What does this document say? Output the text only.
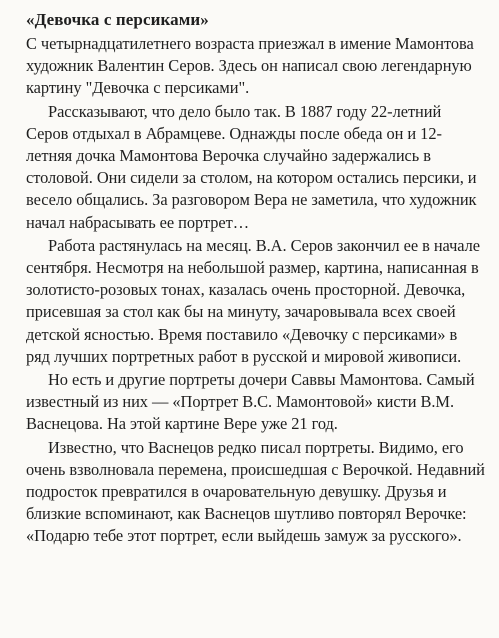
«Девочка с персиками»

С четырнадцатилетнего возраста приезжал в имение Мамонтова художник Валентин Серов. Здесь он написал свою легендарную картину "Девочка с персиками".

Рассказывают, что дело было так. В 1887 году 22-летний Серов отдыхал в Абрамцеве. Однажды после обеда он и 12-летняя дочка Мамонтова Верочка случайно задержались в столовой. Они сидели за столом, на котором остались персики, и весело общались. За разговором Вера не заметила, что художник начал набрасывать ее портрет…

Работа растянулась на месяц. В.А. Серов закончил ее в начале сентября. Несмотря на небольшой размер, картина, написанная в золотисто-розовых тонах, казалась очень просторной. Девочка, присевшая за стол как бы на минуту, зачаровывала всех своей детской ясностью. Время поставило «Девочку с персиками» в ряд лучших портретных работ в русской и мировой живописи.

Но есть и другие портреты дочери Саввы Мамонтова. Самый известный из них — «Портрет В.С. Мамонтовой» кисти В.М. Васнецова. На этой картине Вере уже 21 год.

Известно, что Васнецов редко писал портреты. Видимо, его очень взволновала перемена, происшедшая с Верочкой. Недавний подросток превратился в очаровательную девушку. Друзья и близкие вспоминают, как Васнецов шутливо повторял Верочке: «Подарю тебе этот портрет, если выйдешь замуж за русского».
